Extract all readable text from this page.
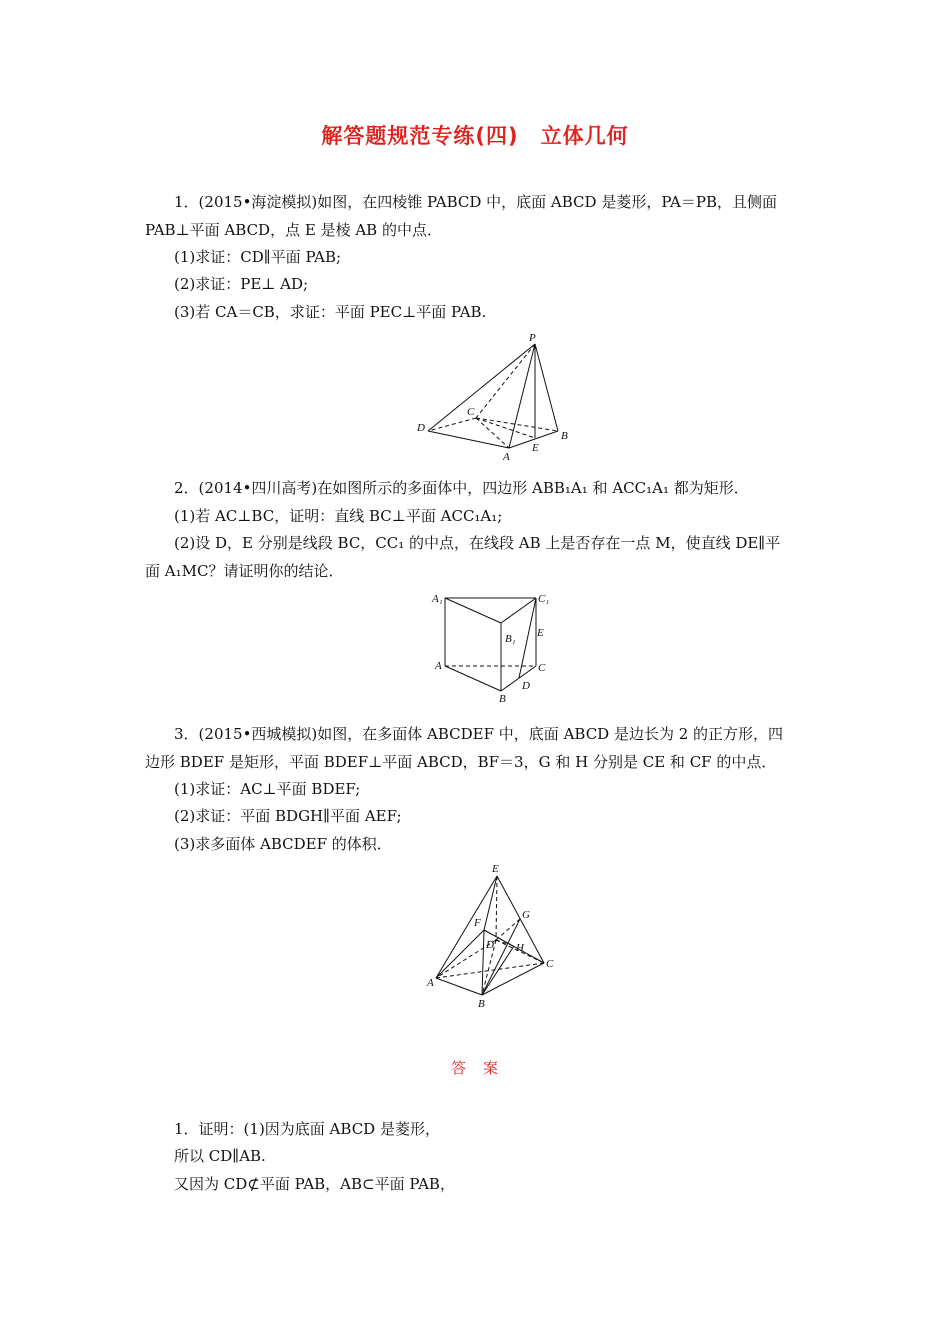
解答题规范专练(四)　立体几何
1．(2015•海淀模拟)如图，在四棱锥 PABCD 中，底面 ABCD 是菱形，PA＝PB，且侧面
PAB⊥平面 ABCD，点 E 是棱 AB 的中点．
(1)求证：CD∥平面 PAB;
(2)求证：PE⊥ AD;
(3)若 CA＝CB，求证：平面 PEC⊥平面 PAB.
P
C
D
B
A
E
2．(2014•四川高考)在如图所示的多面体中，四边形 ABB₁A₁ 和 ACC₁A₁ 都为矩形．
(1)若 AC⊥BC，证明：直线 BC⊥平面 ACC₁A₁;
(2)设 D，E 分别是线段 BC，CC₁ 的中点，在线段 AB 上是否存在一点 M，使直线 DE∥平
面 A₁MC？请证明你的结论．
A₁	C₁
B₁ E
A	C
D
B
3．(2015•西城模拟)如图，在多面体 ABCDEF 中，底面 ABCD 是边长为 2 的正方形，四
边形 BDEF 是矩形，平面 BDEF⊥平面 ABCD，BF＝3，G 和 H 分别是 CE 和 CF 的中点．
(1)求证：AC⊥平面 BDEF;
(2)求证：平面 BDGH∥平面 AEF;
(3)求多面体 ABCDEF 的体积．
E
F
G
D H
C
A
B
答　案
1．证明：(1)因为底面 ABCD 是菱形，
所以 CD∥AB.
又因为 CD⊄平面 PAB，AB⊂平面 PAB，
